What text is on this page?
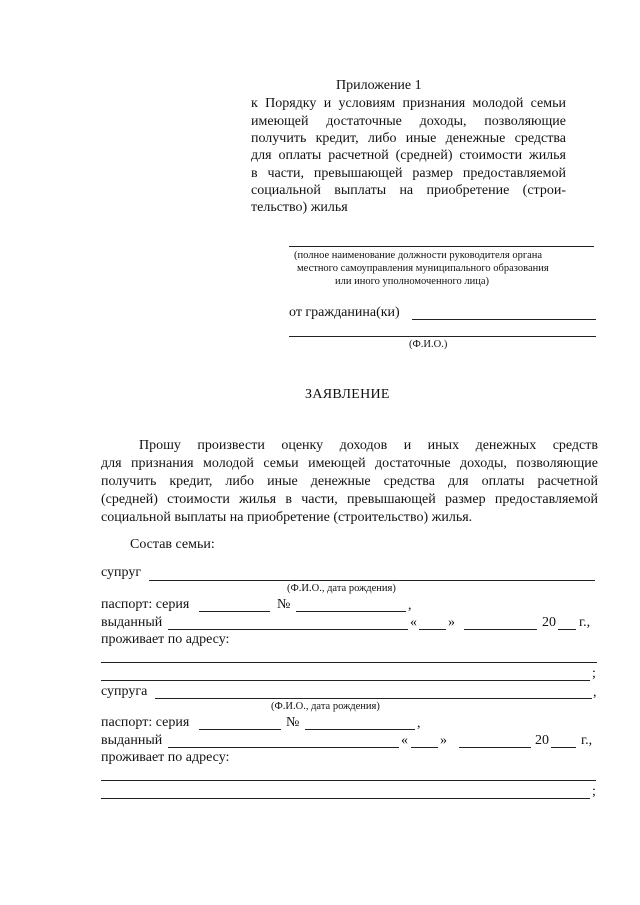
Приложение 1
к Порядку и условиям признания молодой семьи
имеющей достаточные доходы, позволяющие
получить кредит, либо иные денежные средства
для оплаты расчетной (средней) стоимости жилья
в части, превышающей размер предоставляемой
социальной выплаты на приобретение (строи-
тельство) жилья
(полное наименование должности руководителя органа
местного самоуправления муниципального образования
или иного уполномоченного лица)
от гражданина(ки)
(Ф.И.О.)
ЗАЯВЛЕНИЕ
Прошу произвести оценку доходов и иных денежных средств
для признания молодой семьи имеющей достаточные доходы, позволяющие
получить кредит, либо иные денежные средства для оплаты расчетной
(средней) стоимости жилья в части, превышающей размер предоставляемой
социальной выплаты на приобретение (строительство) жилья.
Состав семьи:
супруг
(Ф.И.О., дата рождения)
паспорт: серия	№	,
выданный	« »	20 г.,
проживает по адресу:
;
супруга	,
(Ф.И.О., дата рождения)
паспорт: серия	№	,
выданный	« »	20 г.,
проживает по адресу:
;
